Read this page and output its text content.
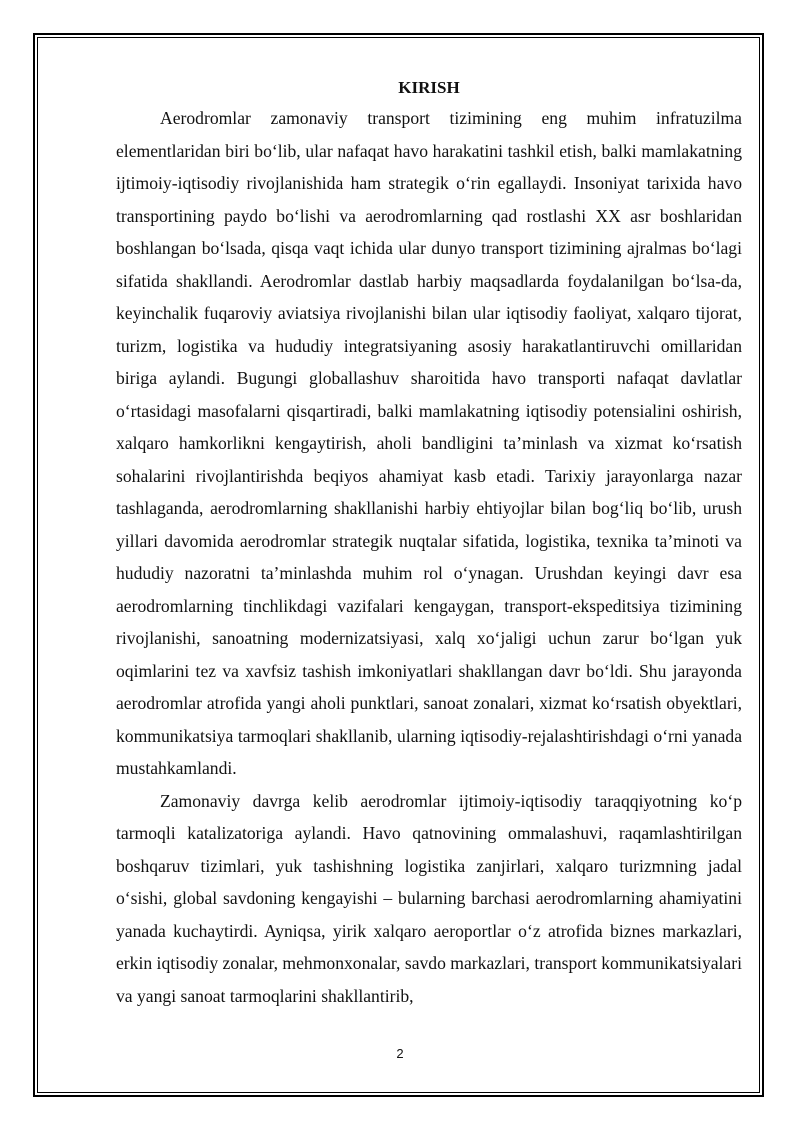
KIRISH

Aerodromlar zamonaviy transport tizimining eng muhim infratuzilma elementlaridan biri bo‘lib, ular nafaqat havo harakatini tashkil etish, balki mamlakatning ijtimoiy-iqtisodiy rivojlanishida ham strategik o‘rin egallaydi. Insoniyat tarixida havo transportining paydo bo‘lishi va aerodromlarning qad rostlashi XX asr boshlaridan boshlangan bo‘lsada, qisqa vaqt ichida ular dunyo transport tizimining ajralmas bo‘lagi sifatida shakllandi. Aerodromlar dastlab harbiy maqsadlarda foydalanilgan bo‘lsa-da, keyinchalik fuqaroviy aviatsiya rivojlanishi bilan ular iqtisodiy faoliyat, xalqaro tijorat, turizm, logistika va hududiy integratsiyaning asosiy harakatlantiruvchi omillaridan biriga aylandi. Bugungi globallashuv sharoitida havo transporti nafaqat davlatlar o‘rtasidagi masofalarni qisqartiradi, balki mamlakatning iqtisodiy potensialini oshirish, xalqaro hamkorlikni kengaytirish, aholi bandligini ta’minlash va xizmat ko‘rsatish sohalarini rivojlantirishda beqiyos ahamiyat kasb etadi. Tarixiy jarayonlarga nazar tashlaganda, aerodromlarning shakllanishi harbiy ehtiyojlar bilan bog‘liq bo‘lib, urush yillari davomida aerodromlar strategik nuqtalar sifatida, logistika, texnika ta’minoti va hududiy nazoratni ta’minlashda muhim rol o‘ynagan. Urushdan keyingi davr esa aerodromlarning tinchlikdagi vazifalari kengaygan, transport-ekspeditsiya tizimining rivojlanishi, sanoatning modernizatsiyasi, xalq xo‘jaligi uchun zarur bo‘lgan yuk oqimlarini tez va xavfsiz tashish imkoniyatlari shakllangan davr bo‘ldi. Shu jarayonda aerodromlar atrofida yangi aholi punktlari, sanoat zonalari, xizmat ko‘rsatish obyektlari, kommunikatsiya tarmoqlari shakllanib, ularning iqtisodiy-rejalashtirishdagi o‘rni yanada mustahkamlandi.

Zamonaviy davrga kelib aerodromlar ijtimoiy-iqtisodiy taraqqiyotning ko‘p tarmoqli katalizatoriga aylandi. Havo qatnovining ommalashuvi, raqamlashtirilgan boshqaruv tizimlari, yuk tashishning logistika zanjirlari, xalqaro turizmning jadal o‘sishi, global savdoning kengayishi – bularning barchasi aerodromlarning ahamiyatini yanada kuchaytirdi. Ayniqsa, yirik xalqaro aeroportlar o‘z atrofida biznes markazlari, erkin iqtisodiy zonalar, mehmonxonalar, savdo markazlari, transport kommunikatsiyalari va yangi sanoat tarmoqlarini shakllantirib,

2
